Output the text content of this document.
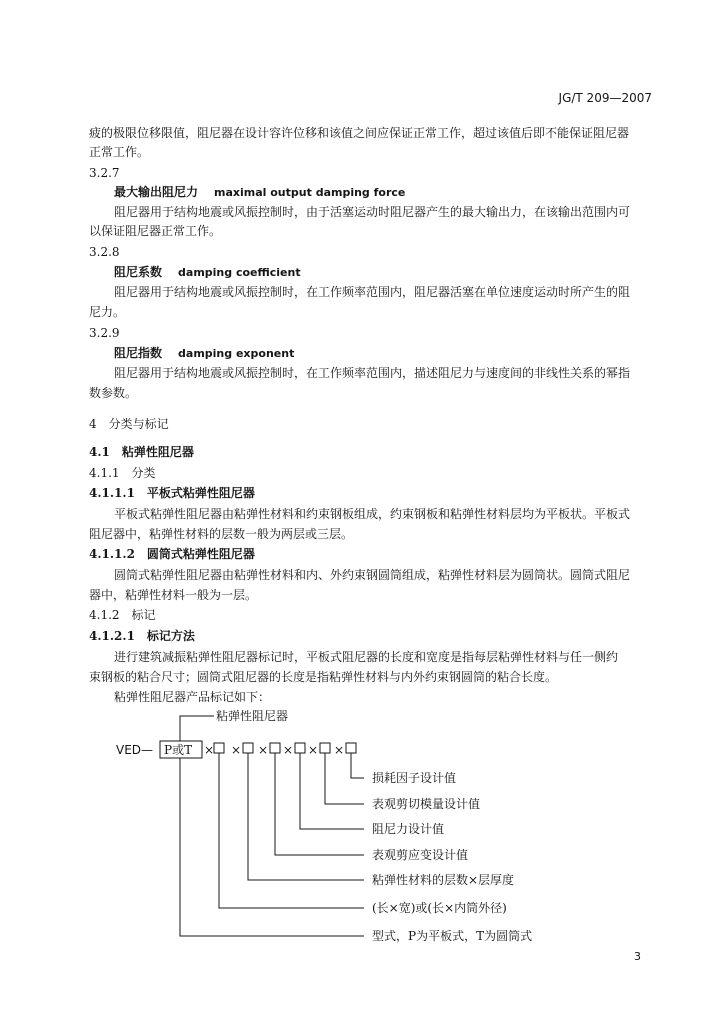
JG/T 209—2007
疲的极限位移限值，阻尼器在设计容许位移和该值之间应保证正常工作，超过该值后即不能保证阻尼器
正常工作。
3.2.7
最大输出阻尼力 maximal output damping force
阻尼器用于结构地震或风振控制时，由于活塞运动时阻尼器产生的最大输出力，在该输出范围内可
以保证阻尼器正常工作。
3.2.8
阻尼系数 damping coefficient
阻尼器用于结构地震或风振控制时，在工作频率范围内，阻尼器活塞在单位速度运动时所产生的阻
尼力。
3.2.9
阻尼指数 damping exponent
阻尼器用于结构地震或风振控制时，在工作频率范围内，描述阻尼力与速度间的非线性关系的幂指
数参数。
4　分类与标记
4.1　粘弹性阻尼器
4.1.1　分类
4.1.1.1　平板式粘弹性阻尼器
平板式粘弹性阻尼器由粘弹性材料和约束钢板组成，约束钢板和粘弹性材料层均为平板状。平板式
阻尼器中，粘弹性材料的层数一般为两层或三层。
4.1.1.2　圆筒式粘弹性阻尼器
圆筒式粘弹性阻尼器由粘弹性材料和内、外约束钢圆筒组成，粘弹性材料层为圆筒状。圆筒式阻尼
器中，粘弹性材料一般为一层。
4.1.2　标记
4.1.2.1　标记方法
进行建筑减振粘弹性阻尼器标记时，平板式阻尼器的长度和宽度是指每层粘弹性材料与任一侧约
束钢板的粘合尺寸；圆筒式阻尼器的长度是指粘弹性材料与内外约束钢圆筒的粘合长度。
粘弹性阻尼器产品标记如下：
粘弹性阻尼器
VED— P或T × × × × × ×
损耗因子设计值
表观剪切模量设计值
阻尼力设计值
表观剪应变设计值
粘弹性材料的层数×层厚度
(长×宽)或(长×内筒外径)
型式，P为平板式，T为圆筒式
3
